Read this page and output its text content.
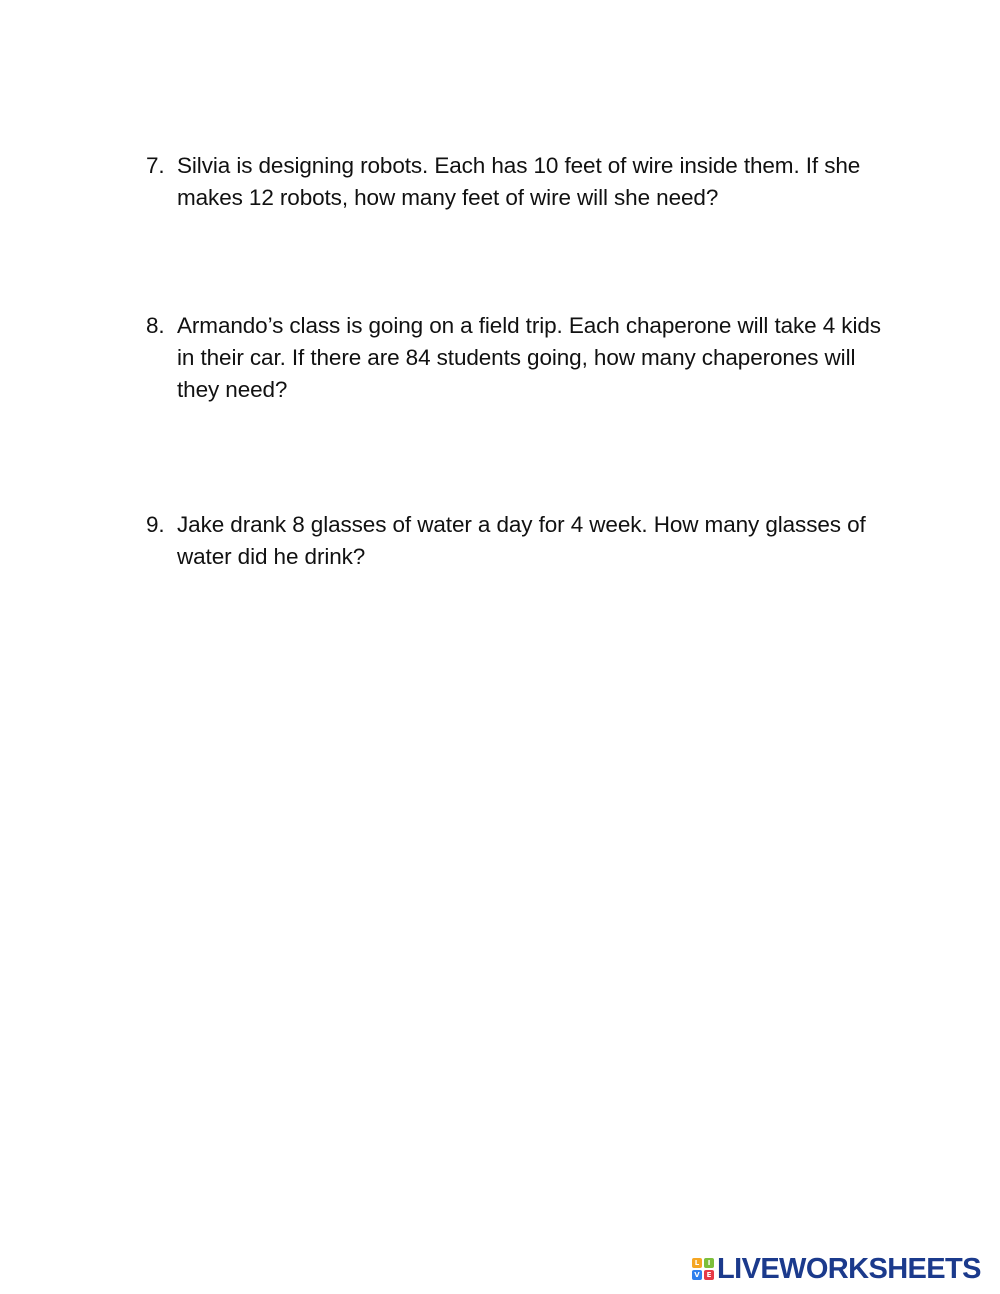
7. Silvia is designing robots. Each has 10 feet of wire inside them. If she makes 12 robots, how many feet of wire will she need?
8. Armando’s class is going on a field trip. Each chaperone will take 4 kids in their car. If there are 84 students going, how many chaperones will they need?
9. Jake drank 8 glasses of water a day for 4 week. How many glasses of water did he drink?
L	I
V E LIVEWORKSHEETS
